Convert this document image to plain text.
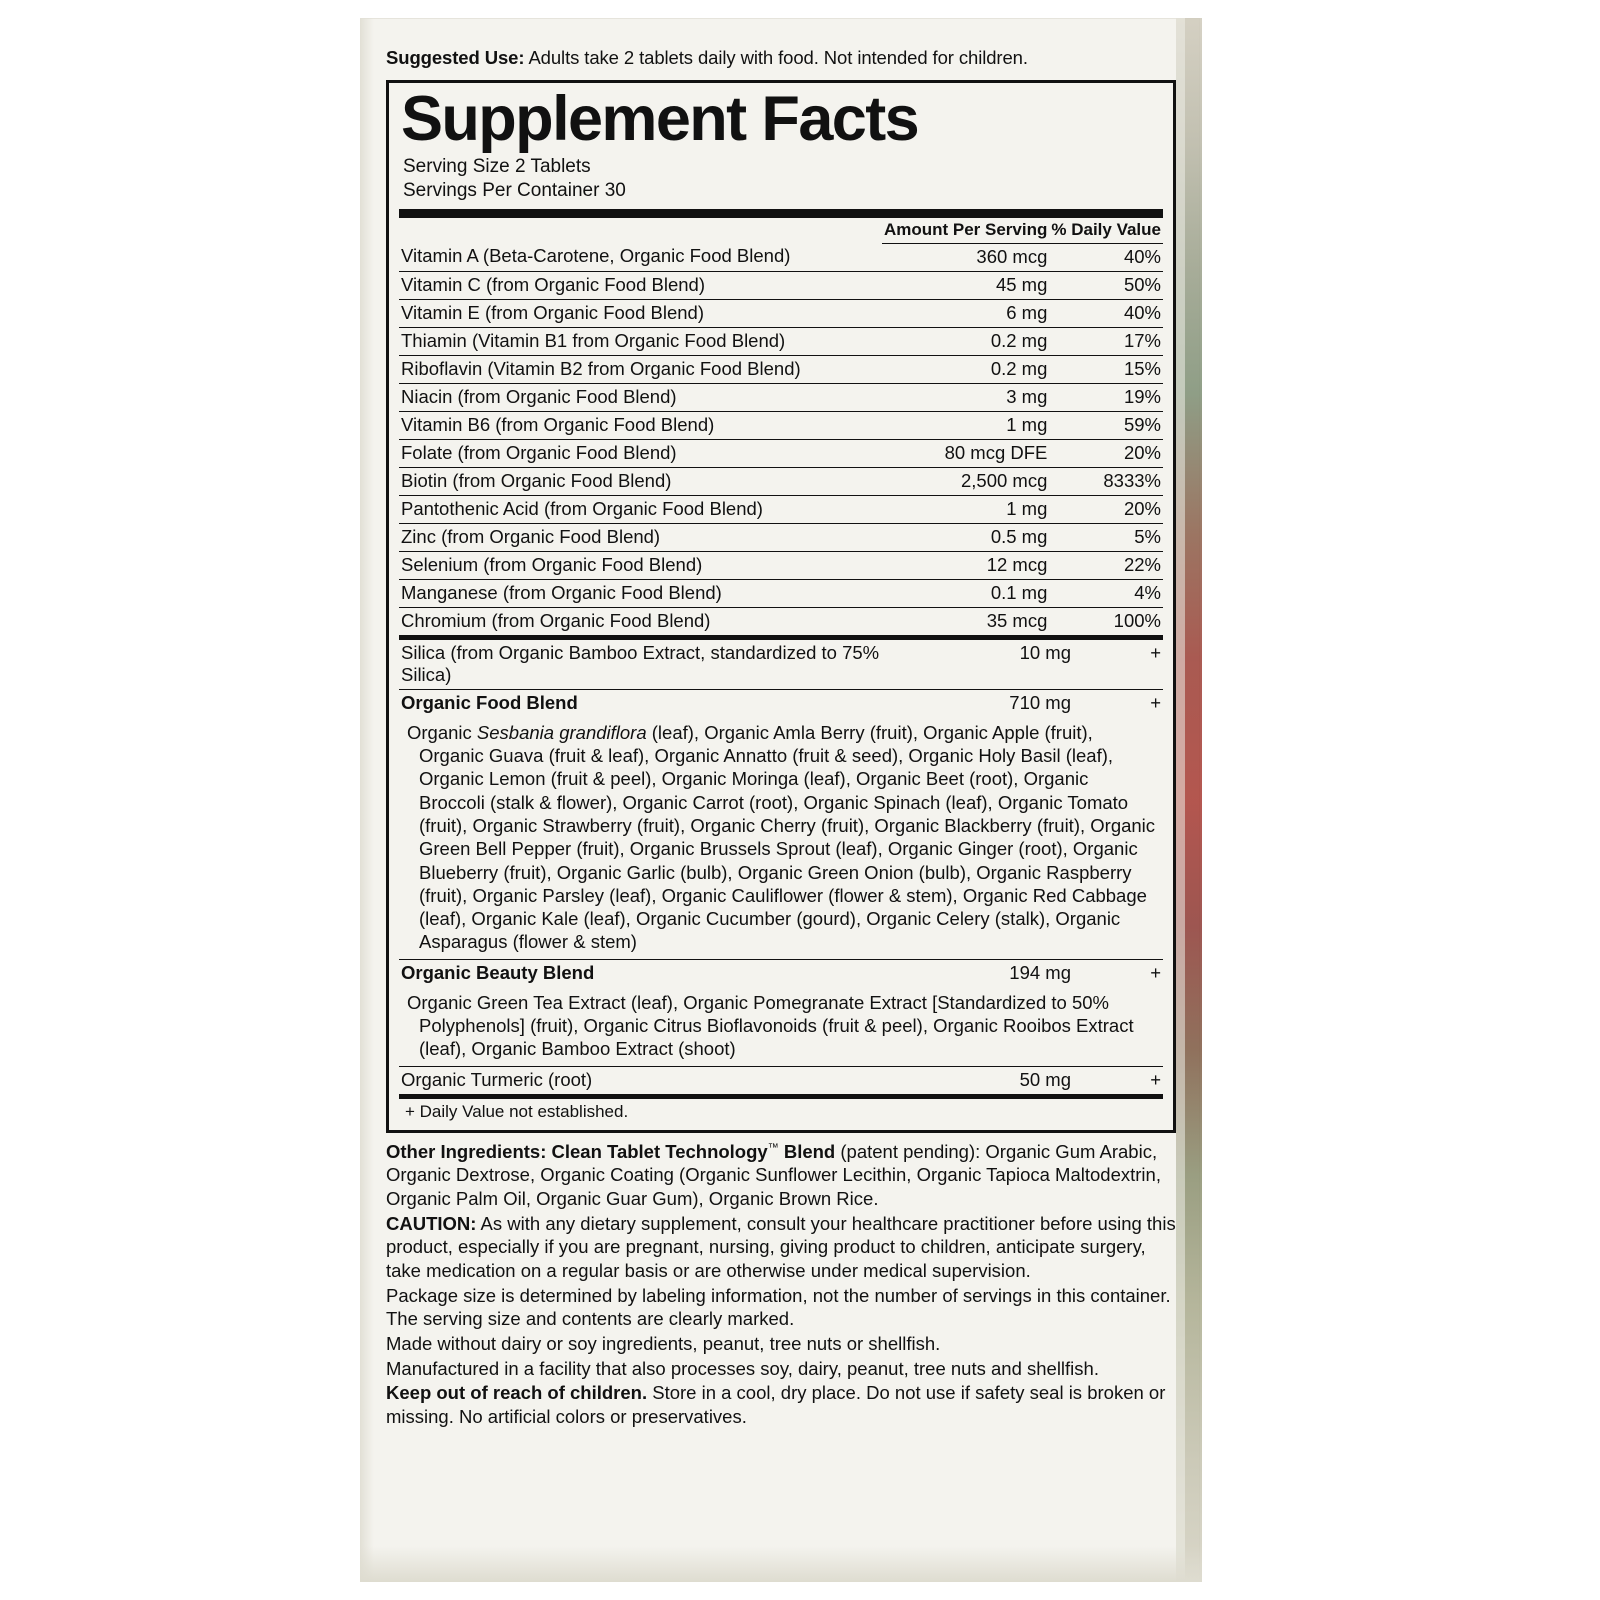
Suggested Use: Adults take 2 tablets daily with food. Not intended for children.
Supplement Facts
Serving Size 2 Tablets
Servings Per Container 30
	Amount Per Serving	% Daily Value
Vitamin A (Beta-Carotene, Organic Food Blend)	360 mcg	40%
Vitamin C (from Organic Food Blend)	45 mg	50%
Vitamin E (from Organic Food Blend)	6 mg	40%
Thiamin (Vitamin B1 from Organic Food Blend)	0.2 mg	17%
Riboflavin (Vitamin B2 from Organic Food Blend)	0.2 mg	15%
Niacin (from Organic Food Blend)	3 mg	19%
Vitamin B6 (from Organic Food Blend)	1 mg	59%
Folate (from Organic Food Blend)	80 mcg DFE	20%
Biotin (from Organic Food Blend)	2,500 mcg	8333%
Pantothenic Acid (from Organic Food Blend)	1 mg	20%
Zinc (from Organic Food Blend)	0.5 mg	5%
Selenium (from Organic Food Blend)	12 mcg	22%
Manganese (from Organic Food Blend)	0.1 mg	4%
Chromium (from Organic Food Blend)	35 mcg	100%
Silica (from Organic Bamboo Extract, standardized to 75% Silica)	10 mg	+
Organic Food Blend	710 mg	+
Organic Sesbania grandiflora (leaf), Organic Amla Berry (fruit), Organic Apple (fruit), Organic Guava (fruit & leaf), Organic Annatto (fruit & seed), Organic Holy Basil (leaf), Organic Lemon (fruit & peel), Organic Moringa (leaf), Organic Beet (root), Organic Broccoli (stalk & flower), Organic Carrot (root), Organic Spinach (leaf), Organic Tomato (fruit), Organic Strawberry (fruit), Organic Cherry (fruit), Organic Blackberry (fruit), Organic Green Bell Pepper (fruit), Organic Brussels Sprout (leaf), Organic Ginger (root), Organic Blueberry (fruit), Organic Garlic (bulb), Organic Green Onion (bulb), Organic Raspberry (fruit), Organic Parsley (leaf), Organic Cauliflower (flower & stem), Organic Red Cabbage (leaf), Organic Kale (leaf), Organic Cucumber (gourd), Organic Celery (stalk), Organic Asparagus (flower & stem)
Organic Beauty Blend	194 mg	+
Organic Green Tea Extract (leaf), Organic Pomegranate Extract [Standardized to 50% Polyphenols] (fruit), Organic Citrus Bioflavonoids (fruit & peel), Organic Rooibos Extract (leaf), Organic Bamboo Extract (shoot)
Organic Turmeric (root)	50 mg	+
+ Daily Value not established.

Other Ingredients: Clean Tablet Technology™ Blend (patent pending): Organic Gum Arabic, Organic Dextrose, Organic Coating (Organic Sunflower Lecithin, Organic Tapioca Maltodextrin, Organic Palm Oil, Organic Guar Gum), Organic Brown Rice.

CAUTION: As with any dietary supplement, consult your healthcare practitioner before using this product, especially if you are pregnant, nursing, giving product to children, anticipate surgery, take medication on a regular basis or are otherwise under medical supervision.

Package size is determined by labeling information, not the number of servings in this container. The serving size and contents are clearly marked.

Made without dairy or soy ingredients, peanut, tree nuts or shellfish.

Manufactured in a facility that also processes soy, dairy, peanut, tree nuts and shellfish.

Keep out of reach of children. Store in a cool, dry place. Do not use if safety seal is broken or missing. No artificial colors or preservatives.
